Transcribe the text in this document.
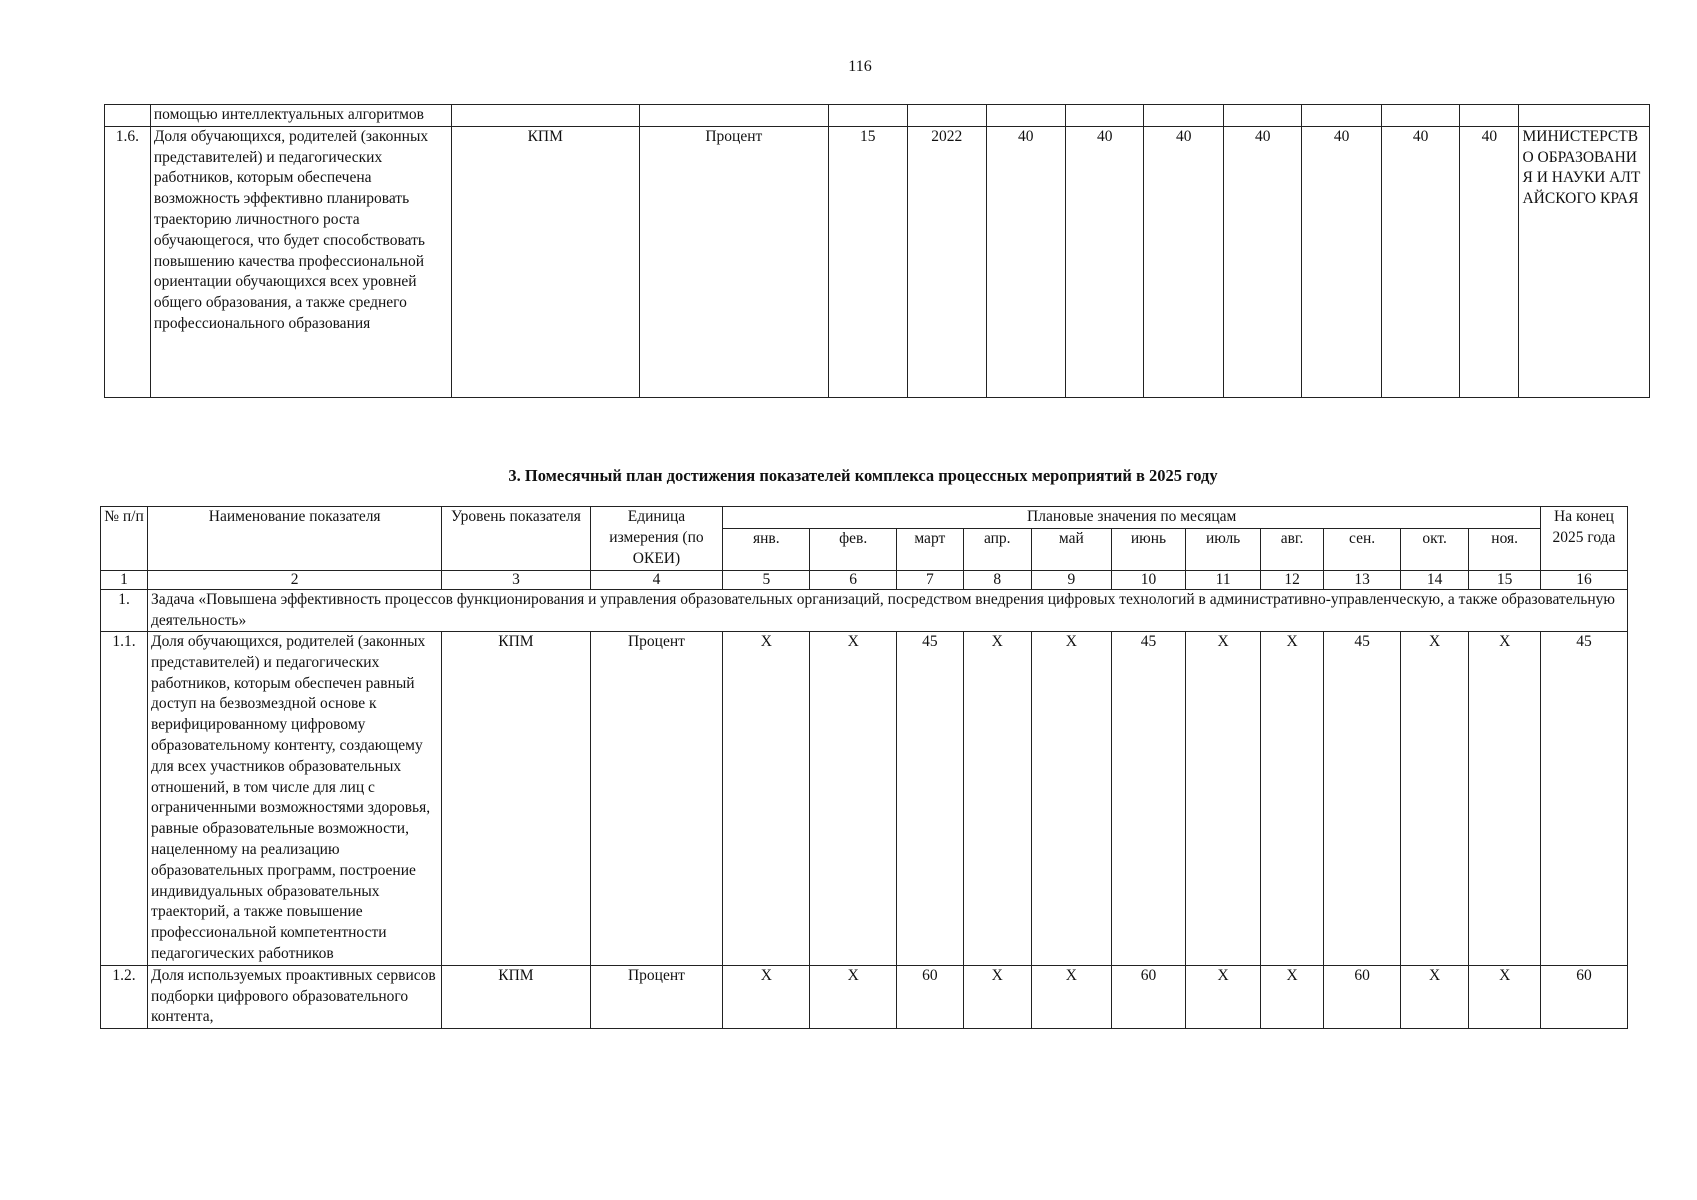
116
	помощью интеллектуальных алгоритмов												
1.6.	Доля обучающихся, родителей (законных представителей) и педагогических работников, которым обеспечена возможность эффективно планировать траекторию личностного роста обучающегося, что будет способствовать повышению качества профессиональной ориентации обучающихся всех уровней общего образования, а также среднего профессионального образования	КПМ	Процент	15	2022	40	40	40	40	40	40	40	МИНИСТЕРСТВО ОБРАЗОВАНИЯ И НАУКИ АЛТАЙСКОГО КРАЯ
3. Помесячный план достижения показателей комплекса процессных мероприятий в 2025 году
№ п/п	Наименование показателя	Уровень показателя	Единица измерения (по ОКЕИ)	Плановые значения по месяцам											На конец 2025 года
				янв.	фев.	март	апр.	май	июнь	июль	авг.	сен.	окт.	ноя.	
1	2	3	4	5	6	7	8	9	10	11	12	13	14	15	16
1.	Задача «Повышена эффективность процессов функционирования и управления образовательных организаций, посредством внедрения цифровых технологий в административно-управленческую, а также образовательную деятельность»														
1.1.	Доля обучающихся, родителей (законных представителей) и педагогических работников, которым обеспечен равный доступ на безвозмездной основе к верифицированному цифровому образовательному контенту, создающему для всех участников образовательных отношений, в том числе для лиц с ограниченными возможностями здоровья, равные образовательные возможности, нацеленному на реализацию образовательных программ, построение индивидуальных образовательных траекторий, а также повышение профессиональной компетентности педагогических работников	КПМ	Процент	X	X	45	X	X	45	X	X	45	X	X	45
1.2.	Доля используемых проактивных сервисов подборки цифрового образовательного контента,	КПМ	Процент	X	X	60	X	X	60	X	X	60	X	X	60
